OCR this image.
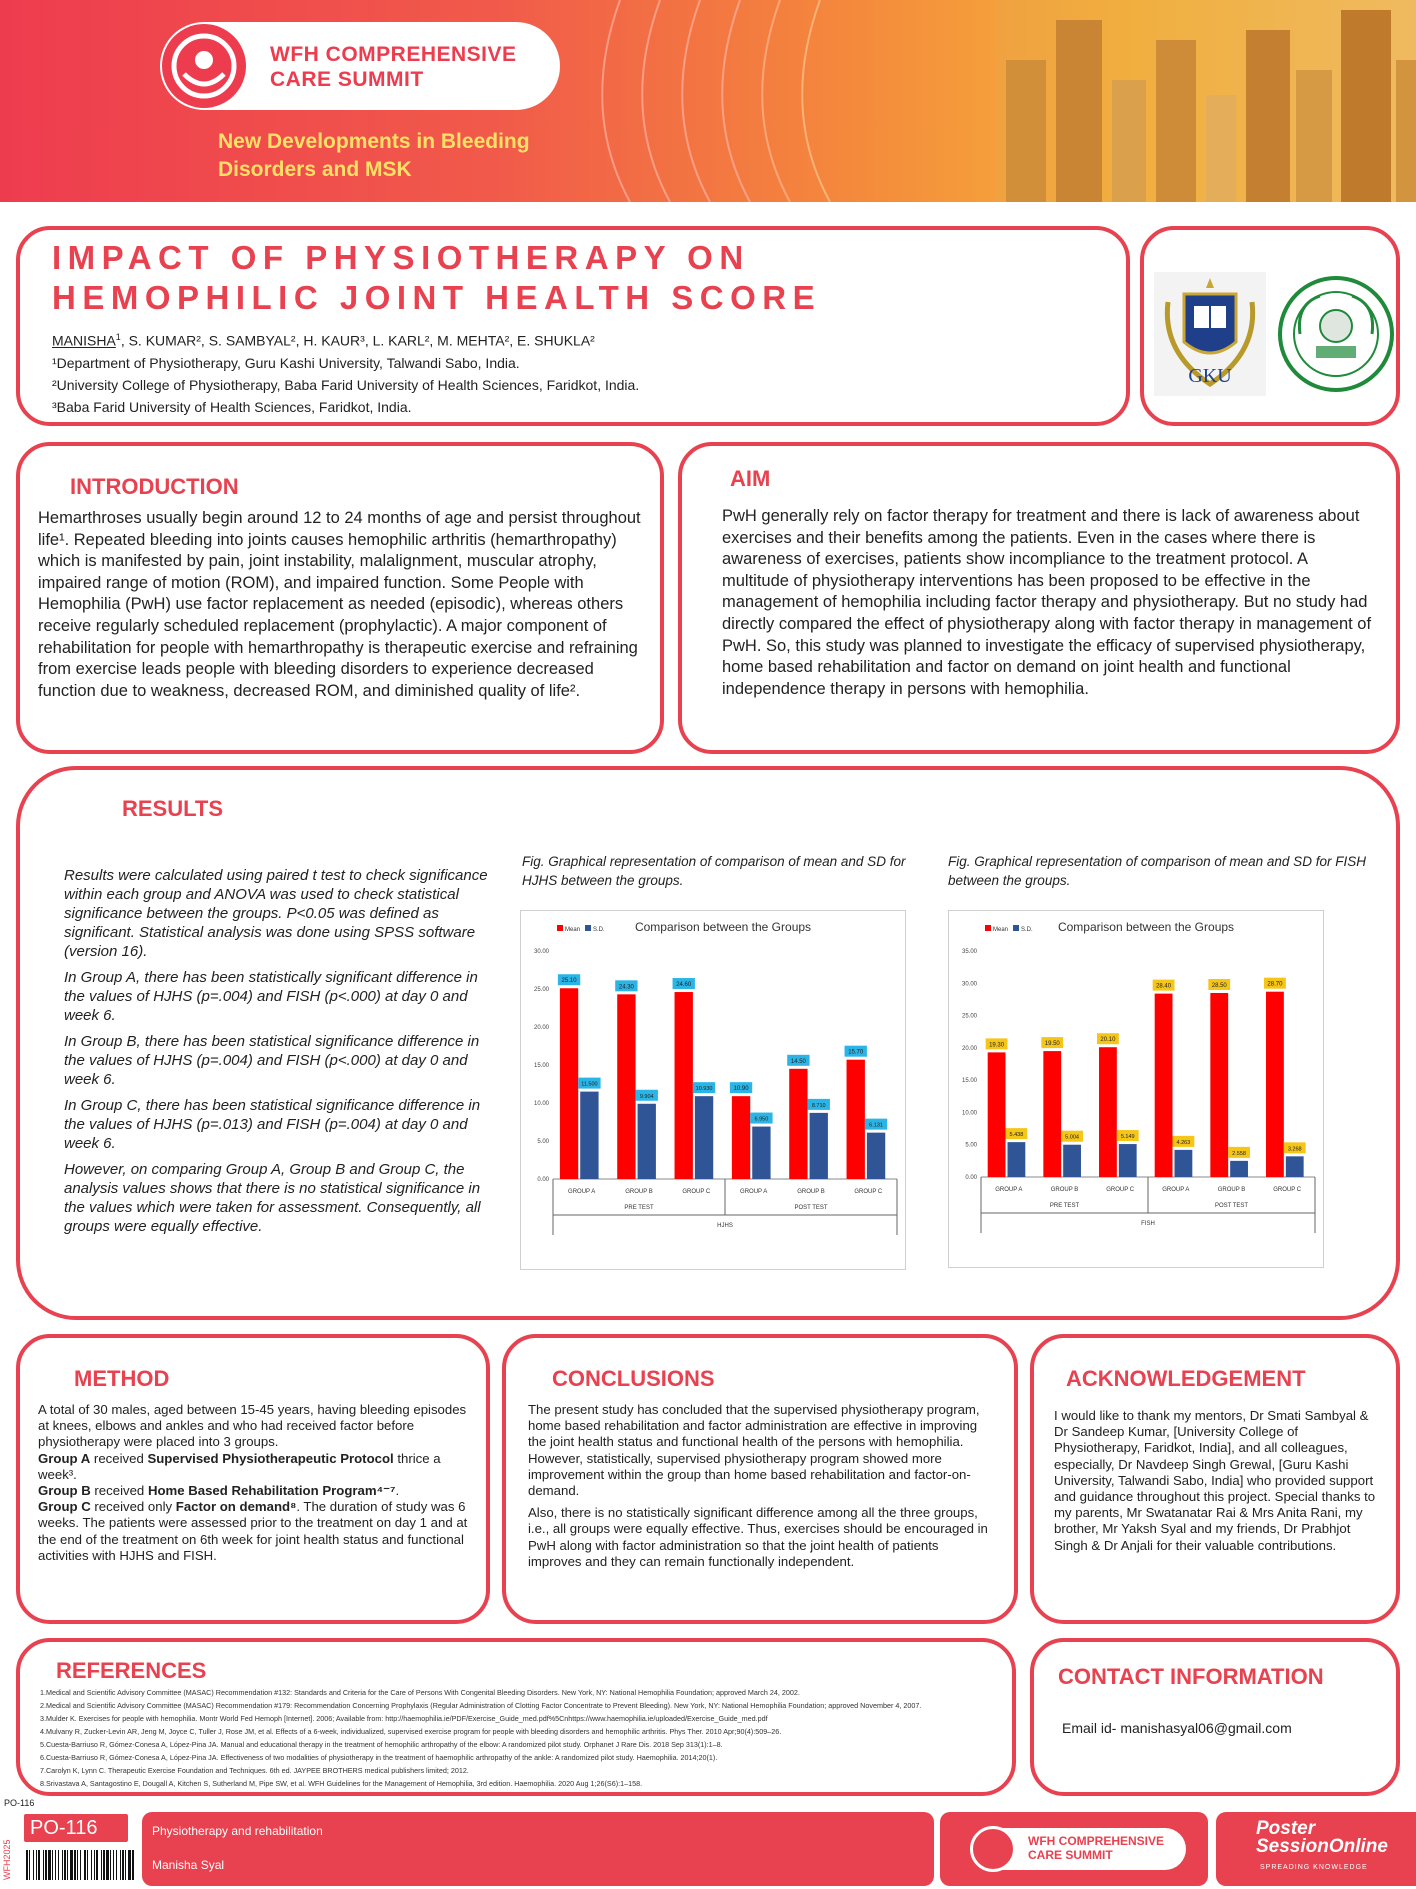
WFH COMPREHENSIVE
CARE SUMMIT
New Developments in Bleeding
Disorders and MSK
IMPACT OF PHYSIOTHERAPY ON
HEMOPHILIC JOINT HEALTH SCORE
MANISHA$^1$, S. KUMAR², S. SAMBYAL², H. KAUR³, L. KARL², M. MEHTA², E. SHUKLA²
¹Department of Physiotherapy, Guru Kashi University, Talwandi Sabo, India.
²University College of Physiotherapy, Baba Farid University of Health Sciences, Faridkot, India.
³Baba Farid University of Health Sciences, Faridkot, India.
GKU
INTRODUCTION
Hemarthroses usually begin around 12 to 24 months of age and persist throughout life¹. Repeated bleeding into joints causes hemophilic arthritis (hemarthropathy) which is manifested by pain, joint instability, malalignment, muscular atrophy, impaired range of motion (ROM), and impaired function. Some People with Hemophilia (PwH) use factor replacement as needed (episodic), whereas others receive regularly scheduled replacement (prophylactic). A major component of rehabilitation for people with hemarthropathy is therapeutic exercise and refraining from exercise leads people with bleeding disorders to experience decreased function due to weakness, decreased ROM, and diminished quality of life².
AIM
PwH generally rely on factor therapy for treatment and there is lack of awareness about exercises and their benefits among the patients. Even in the cases where there is awareness of exercises, patients show incompliance to the treatment protocol. A multitude of physiotherapy interventions has been proposed to be effective in the management of hemophilia including factor therapy and physiotherapy. But no study had directly compared the effect of physiotherapy along with factor therapy in management of PwH. So, this study was planned to investigate the efficacy of supervised physiotherapy, home based rehabilitation and factor on demand on joint health and functional independence therapy in persons with hemophilia.
RESULTS

Results were calculated using paired t test to check significance within each group and ANOVA was used to check statistical significance between the groups. P<0.05 was defined as significant. Statistical analysis was done using SPSS software (version 16).

In Group A, there has been statistically significant difference in the values of HJHS (p=.004) and FISH (p<.000) at day 0 and week 6.

In Group B, there has been statistical significance difference in the values of HJHS (p=.004) and FISH (p<.000) at day 0 and week 6.

In Group C, there has been statistical significance difference in the values of HJHS (p=.013) and FISH (p=.004) at day 0 and week 6.

However, on comparing Group A, Group B and Group C, the analysis values shows that there is no statistical significance in the values which were taken for assessment. Consequently, all groups were equally effective.

Fig. Graphical representation of comparison of mean and SD for HJHS between the groups.
Mean S.D.	Comparison between the Groups
0.00
5.00
10.00
15.00
20.00
25.00
30.00
25.10
11.500
GROUP A
24.30
9.904
GROUP B
24.60
10.930
GROUP C
10.90
6.950
GROUP A
14.50
8.710
GROUP B
15.70
6.131
GROUP C
PRE TEST	POST TEST
HJHS
Fig. Graphical representation of comparison of mean and SD for FISH between the groups.
Mean S.D. Comparison between the Groups
0.00
5.00
10.00
15.00
20.00
25.00
30.00
35.00
19.30
5.438
GROUP A
19.50
5.004
GROUP B
20.10
5.149
GROUP C
28.40
4.263
GROUP A
28.50
2.558
GROUP B
28.70
3.268
GROUP C
PRE TEST	POST TEST
FISH
METHOD
A total of 30 males, aged between 15-45 years, having bleeding episodes at knees, elbows and ankles and who had received factor before physiotherapy were placed into 3 groups.
Group A received Supervised Physiotherapeutic Protocol thrice a week³.
Group B received Home Based Rehabilitation Program⁴⁻⁷.
Group C received only Factor on demand⁸. The duration of study was 6 weeks. The patients were assessed prior to the treatment on day 1 and at the end of the treatment on 6th week for joint health status and functional activities with HJHS and FISH.
CONCLUSIONS

The present study has concluded that the supervised physiotherapy program, home based rehabilitation and factor administration are effective in improving the joint health status and functional health of the persons with hemophilia. However, statistically, supervised physiotherapy program showed more improvement within the group than home based rehabilitation and factor-on-demand.

Also, there is no statistically significant difference among all the three groups, i.e., all groups were equally effective. Thus, exercises should be encouraged in PwH along with factor administration so that the joint health of patients improves and they can remain functionally independent.

ACKNOWLEDGEMENT
I would like to thank my mentors, Dr Smati Sambyal & Dr Sandeep Kumar, [University College of Physiotherapy, Faridkot, India], and all colleagues, especially, Dr Navdeep Singh Grewal, [Guru Kashi University, Talwandi Sabo, India] who provided support and guidance throughout this project. Special thanks to my parents, Mr Swatanatar Rai & Mrs Anita Rani, my brother, Mr Yaksh Syal and my friends, Dr Prabhjot Singh & Dr Anjali for their valuable contributions.
REFERENCES
1.Medical and Scientific Advisory Committee (MASAC) Recommendation #132: Standards and Criteria for the Care of Persons With Congenital Bleeding Disorders. New York, NY: National Hemophilia Foundation; approved March 24, 2002.
2.Medical and Scientific Advisory Committee (MASAC) Recommendation #179: Recommendation Concerning Prophylaxis (Regular Administration of Clotting Factor Concentrate to Prevent Bleeding). New York, NY: National Hemophilia Foundation; approved November 4, 2007.
3.Mulder K. Exercises for people with hemophilia. Montr World Fed Hemoph [Internet]. 2006; Available from: http://haemophilia.ie/PDF/Exercise_Guide_med.pdf%5Cnhttps://www.haemophilia.ie/uploaded/Exercise_Guide_med.pdf
4.Mulvany R, Zucker-Levin AR, Jeng M, Joyce C, Tuller J, Rose JM, et al. Effects of a 6-week, individualized, supervised exercise program for people with bleeding disorders and hemophilic arthritis. Phys Ther. 2010 Apr;90(4):509–26.
5.Cuesta-Barriuso R, Gómez-Conesa A, López-Pina JA. Manual and educational therapy in the treatment of hemophilic arthropathy of the elbow: A randomized pilot study. Orphanet J Rare Dis. 2018 Sep 313(1):1–8.
6.Cuesta-Barriuso R, Gómez-Conesa A, López-Pina JA. Effectiveness of two modalities of physiotherapy in the treatment of haemophilic arthropathy of the ankle: A randomized pilot study. Haemophilia. 2014;20(1).
7.Carolyn K, Lynn C. Therapeutic Exercise Foundation and Techniques. 6th ed. JAYPEE BROTHERS medical publishers limited; 2012.
8.Srivastava A, Santagostino E, Dougall A, Kitchen S, Sutherland M, Pipe SW, et al. WFH Guidelines for the Management of Hemophilia, 3rd edition. Haemophilia. 2020 Aug 1;26(S6):1–158.
CONTACT INFORMATION
Email id- manishasyal06@gmail.com
PO-116
WFH2025
PO-116	Physiotherapy and rehabilitation
Manisha Syal
WFH COMPREHENSIVE
CARE SUMMIT
Poster
SessionOnline
SPREADING KNOWLEDGE
